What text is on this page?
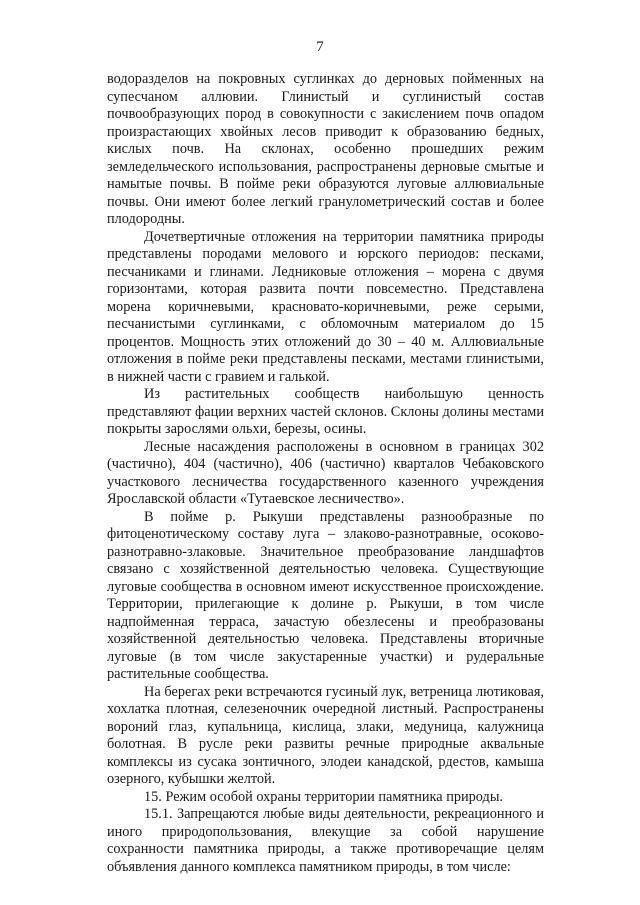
7

водоразделов на покровных суглинках до дерновых пойменных на супесчаном аллювии. Глинистый и суглинистый состав почвообразующих пород в совокупности с закислением почв опадом произрастающих хвойных лесов приводит к образованию бедных, кислых почв. На склонах, особенно прошедших режим земледельческого использования, распространены дерновые смытые и намытые почвы. В пойме реки образуются луговые аллювиальные почвы. Они имеют более легкий гранулометрический состав и более плодородны.

Дочетвертичные отложения на территории памятника природы представлены породами мелового и юрского периодов: песками, песчаниками и глинами. Ледниковые отложения – морена с двумя горизонтами, которая развита почти повсеместно. Представлена морена коричневыми, красновато-коричневыми, реже серыми, песчанистыми суглинками, с обломочным материалом до 15 процентов. Мощность этих отложений до 30 – 40 м. Аллювиальные отложения в пойме реки представлены песками, местами глинистыми, в нижней части с гравием и галькой.

Из растительных сообществ наибольшую ценность представляют фации верхних частей склонов. Склоны долины местами покрыты зарослями ольхи, березы, осины.

Лесные насаждения расположены в основном в границах 302 (частично), 404 (частично), 406 (частично) кварталов Чебаковского участкового лесничества государственного казенного учреждения Ярославской области «Тутаевское лесничество».

В пойме р. Рыкуши представлены разнообразные по фитоценотическому составу луга – злаково-разнотравные, осоково-разнотравно-злаковые. Значительное преобразование ландшафтов связано с хозяйственной деятельностью человека. Существующие луговые сообщества в основном имеют искусственное происхождение. Территории, прилегающие к долине р. Рыкуши, в том числе надпойменная терраса, зачастую обезлесены и преобразованы хозяйственной деятельностью человека. Представлены вторичные луговые (в том числе закустаренные участки) и рудеральные растительные сообщества.

На берегах реки встречаются гусиный лук, ветреница лютиковая, хохлатка плотная, селезеночник очередной листный. Распространены вороний глаз, купальница, кислица, злаки, медуница, калужница болотная. В русле реки развиты речные природные аквальные комплексы из сусака зонтичного, элодеи канадской, рдестов, камыша озерного, кубышки желтой.

15. Режим особой охраны территории памятника природы.

15.1. Запрещаются любые виды деятельности, рекреационного и иного природопользования, влекущие за собой нарушение сохранности памятника природы, а также противоречащие целям объявления данного комплекса памятником природы, в том числе:
